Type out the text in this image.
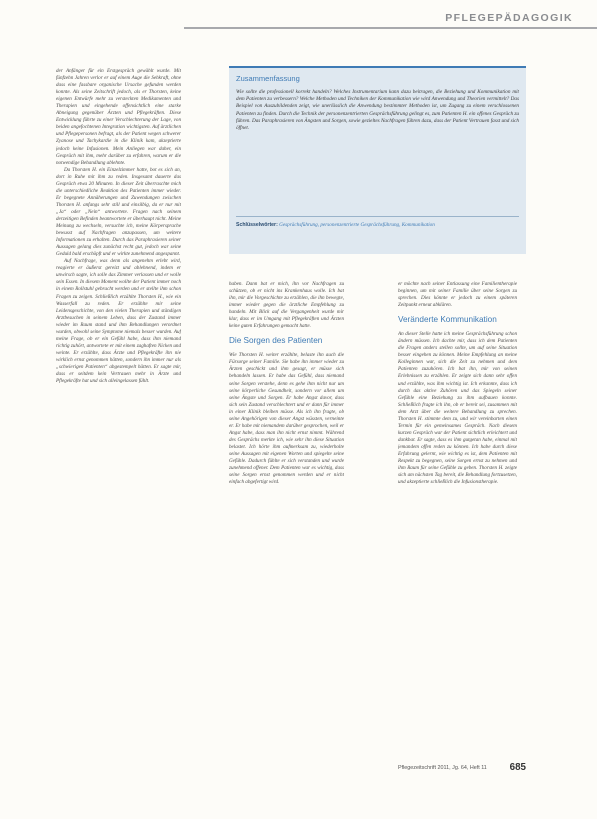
PFLEGEPÄDAGOGIK

der Anfänger für ein Erstgespräch gewählt wurde. Mit fünfzehn Jahren verlor er auf einem Auge die Sehkraft, ohne dass eine fassbare organische Ursache gefunden werden konnte. Als seine Zeitschrift jedoch, als er Thorsten, keine eigenen Entwürfe mehr zu versteckten Medikamenten und Therapien und eingehende offensichtlich eine starke Abneigung gegenüber Ärzten und Pflegekräften. Diese Entwicklung führte zu einer Verschlechterung der Lage, von beiden angefochtenen Integration wichtigsten. Auf ärztlichen und Pflegepersonen befragt, als der Patient wegen schwerer Zyanose und Tachykardie in die Klinik kam, akzeptierte jedoch keine Infusionen. Mein Anliegen war daher, ein Gespräch mit ihm, mehr darüber zu erfahren, warum er die notwendige Behandlung ablehnte.

Da Thorsten H. ein Einzelzimmer hatte, bot es sich an, dort in Ruhe mit ihm zu reden. Insgesamt dauerte das Gespräch etwa 20 Minuten. In dieser Zeit überraschte mich die unterschiedliche Reaktion des Patienten immer wieder. Er begegnete Annäherungen und Zuwendungen zwischen Thorsten H. anfangs sehr still und einsilbig, da er nur mit „Ja“ oder „Nein“ antwortete. Fragen nach seinem derzeitigen Befinden beantwortete er überhaupt nicht. Meine Meinung zu wechseln, versuchte ich, meine Körpersprache bewusst auf Nachfragen anzupassen, um weitere Informationen zu erhalten. Durch das Paraphrasieren seiner Aussagen gelang dies zunächst recht gut, jedoch war seine Geduld bald erschöpft und er wirkte zunehmend angespannt.

Auf Nachfrage, was denn als angenehm erlebt wird, reagierte er äußerst gereizt und ablehnend, indem er unwirsch sagte, ich solle das Zimmer verlassen und er wolle sein Essen. In diesem Moment wollte der Patient immer noch in einem Rollstuhl gebracht werden und er stellte ihm schon Fragen zu zeigen. Schließlich erzählte Thorsten H., wie ein Wasserfall zu reden. Er erzählte mir seine Leidensgeschichte, von den vielen Therapien und ständigen Arztbesuchen in seinem Leben, dass der Zustand immer wieder im Raum stand und ihm Behandlungen verordnet wurden, obwohl seine Symptome niemals besser wurden. Auf meine Frage, ob er ein Gefühl habe, dass ihm niemand richtig zuhört, antwortete er mit einem zaghaften Nicken und weinte. Er erzählte, dass Ärzte und Pflegekräfte ihn nie wirklich ernst genommen hätten, sondern ihn immer nur als „schwierigen Patienten“ abgestempelt hätten. Er sagte mir, dass er seitdem kein Vertrauen mehr in Ärzte und Pflegekräfte hat und sich alleingelassen fühlt.

Zusammenfassung
Wie sollte die professionell korrekt handeln? Welches Instrumentarium kann dazu beitragen, die Beziehung und Kommunikation mit dem Patienten zu verbessern? Welche Methoden und Techniken der Kommunikation wie wird Anwendung und Theorien vermittelt? Das Beispiel von Auszubildenden zeigt, wie unerlässlich die Anwendung bestimmter Methoden ist, um Zugang zu einem verschlossenen Patienten zu finden. Durch die Technik der personenzentrierten Gesprächsführung gelingt es, zum Patienten H. ein offenes Gespräch zu führen. Das Paraphrasieren von Ängsten und Sorgen, sowie gezieltes Nachfragen führen dazu, dass der Patient Vertrauen fasst und sich öffnet.
Schlüsselwörter: Gesprächsführung, personenzentrierte Gesprächsführung, Kommunikation

haben. Dann bat er mich, ihn vor Nachfragen zu schützen, ob er nicht ins Krankenhaus wolle. Ich bat ihn, mir die Vorgeschichte zu erzählen, die ihn bewegte, immer wieder gegen die ärztliche Empfehlung zu handeln. Mit Blick auf die Vergangenheit wurde mir klar, dass er im Umgang mit Pflegekräften und Ärzten keine guten Erfahrungen gemacht hatte.

Die Sorgen des Patienten

Wie Thorsten H. weiter erzählte, belaste ihn auch die Fürsorge seiner Familie. Sie habe ihn immer wieder zu Ärzten geschickt und ihm gesagt, er müsse sich behandeln lassen. Er habe das Gefühl, dass niemand seine Sorgen verstehe, denn es gehe ihm nicht nur um seine körperliche Gesundheit, sondern vor allem um seine Ängste und Sorgen. Er habe Angst davor, dass sich sein Zustand verschlechtert und er dann für immer in einer Klinik bleiben müsse. Als ich ihn fragte, ob seine Angehörigen von dieser Angst wüssten, verneinte er. Er habe mit niemandem darüber gesprochen, weil er Angst habe, dass man ihn nicht ernst nimmt. Während des Gesprächs merkte ich, wie sehr ihn diese Situation belastet. Ich hörte ihm aufmerksam zu, wiederholte seine Aussagen mit eigenen Worten und spiegelte seine Gefühle. Dadurch fühlte er sich verstanden und wurde zunehmend offener. Dem Patienten war es wichtig, dass seine Sorgen ernst genommen werden und er nicht einfach abgefertigt wird.

er möchte nach seiner Entlassung eine Familientherapie beginnen, um mit seiner Familie über seine Sorgen zu sprechen. Dies könnte er jedoch zu einem späteren Zeitpunkt erneut abklären.

Veränderte Kommunikation

An dieser Stelle hatte ich meine Gesprächsführung schon ändern müssen. Ich dachte mir, dass ich dem Patienten die Fragen anders stellen sollte, um auf seine Situation besser eingehen zu können. Meine Empfehlung an meine Kolleginnen war, sich die Zeit zu nehmen und dem Patienten zuzuhören. Ich bat ihn, mir von seinen Erlebnissen zu erzählen. Er zeigte sich dann sehr offen und erzählte, was ihm wichtig ist. Ich erkannte, dass ich durch das aktive Zuhören und das Spiegeln seiner Gefühle eine Beziehung zu ihm aufbauen konnte. Schließlich fragte ich ihn, ob er bereit sei, zusammen mit dem Arzt über die weitere Behandlung zu sprechen. Thorsten H. stimmte dem zu, und wir vereinbarten einen Termin für ein gemeinsames Gespräch. Nach diesem kurzen Gespräch war der Patient sichtlich erleichtert und dankbar. Er sagte, dass es ihm gutgetan habe, einmal mit jemandem offen reden zu können. Ich habe durch diese Erfahrung gelernt, wie wichtig es ist, dem Patienten mit Respekt zu begegnen, seine Sorgen ernst zu nehmen und ihm Raum für seine Gefühle zu geben. Thorsten H. zeigte sich am nächsten Tag bereit, die Behandlung fortzusetzen, und akzeptierte schließlich die Infusionstherapie.

Pflegezeitschrift 2011, Jg. 64, Heft 11 685
